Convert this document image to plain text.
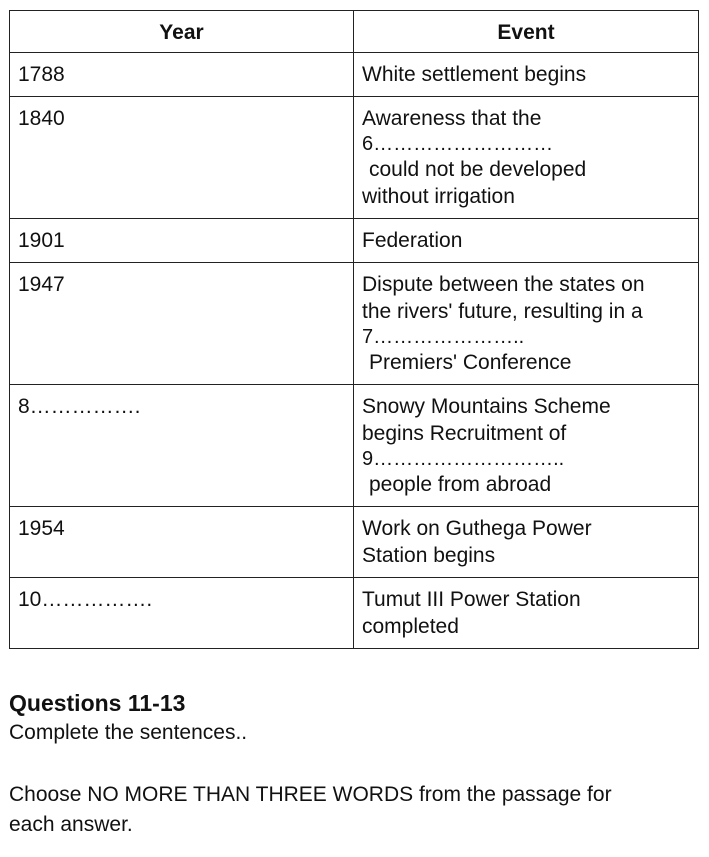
Year	Event
1788	White settlement begins

1840	Awareness that the
6………………………
could not be developed
without irrigation

1901	Federation

1947	Dispute between the states on
the rivers' future, resulting in a
7…………………..
Premiers' Conference

8…………….	Snowy Mountains Scheme
begins Recruitment of
9………………………..
people from abroad

1954	Work on Guthega Power
Station begins

10…………….	Tumut III Power Station
completed

Questions 11-13

Complete the sentences..

Choose NO MORE THAN THREE WORDS from the passage for

each answer.
